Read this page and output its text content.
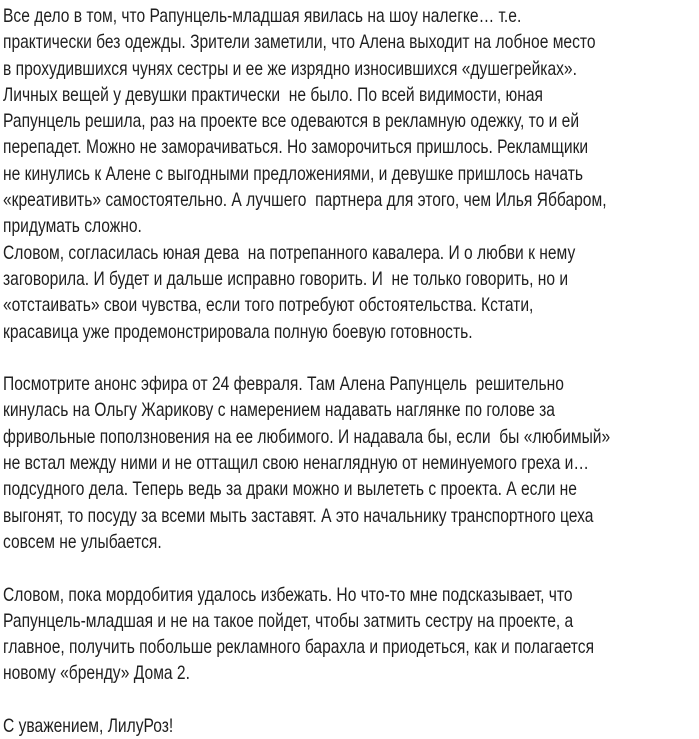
Все дело в том, что Рапунцель-младшая явилась на шоу налегке… т.е.
практически без одежды. Зрители заметили, что Алена выходит на лобное место
в прохудившихся чунях сестры и ее же изрядно износившихся «душегрейках».
Личных вещей у девушки практически  не было. По всей видимости, юная
Рапунцель решила, раз на проекте все одеваются в рекламную одежку, то и ей
перепадет. Можно не заморачиваться. Но заморочиться пришлось. Рекламщики
не кинулись к Алене с выгодными предложениями, и девушке пришлось начать
«креативить» самостоятельно. А лучшего  партнера для этого, чем Илья Яббаром,
придумать сложно.
Словом, согласилась юная дева  на потрепанного кавалера. И о любви к нему
заговорила. И будет и дальше исправно говорить. И  не только говорить, но и
«отстаивать» свои чувства, если того потребуют обстоятельства. Кстати,
красавица уже продемонстрировала полную боевую готовность.
Посмотрите анонс эфира от 24 февраля. Там Алена Рапунцель  решительно
кинулась на Ольгу Жарикову с намерением надавать наглянке по голове за
фривольные поползновения на ее любимого. И надавала бы, если  бы «любимый»
не встал между ними и не оттащил свою ненаглядную от неминуемого греха и…
подсудного дела. Теперь ведь за драки можно и вылететь с проекта. А если не
выгонят, то посуду за всеми мыть заставят. А это начальнику транспортного цеха
совсем не улыбается.
Словом, пока мордобития удалось избежать. Но что-то мне подсказывает, что
Рапунцель-младшая и не на такое пойдет, чтобы затмить сестру на проекте, а
главное, получить побольше рекламного барахла и приодеться, как и полагается
новому «бренду» Дома 2.
С уважением, ЛилуРоз!
